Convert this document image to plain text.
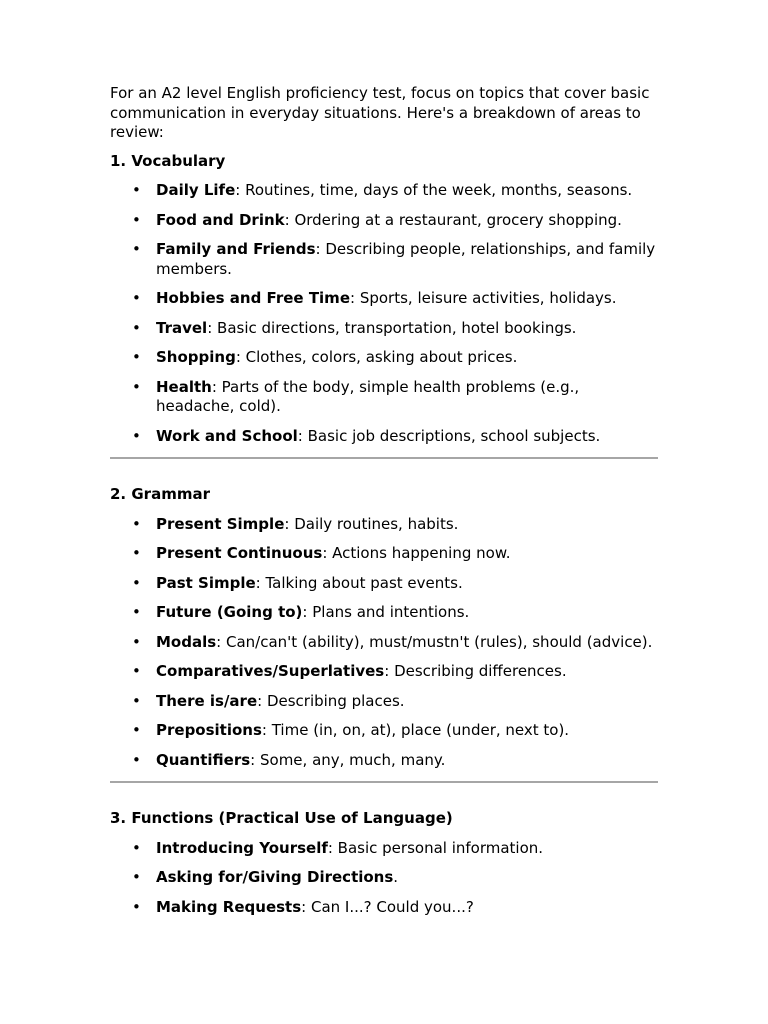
For an A2 level English proficiency test, focus on topics that cover basic communication in everyday situations. Here's a breakdown of areas to review:

1. Vocabulary
• Daily Life: Routines, time, days of the week, months, seasons.
• Food and Drink: Ordering at a restaurant, grocery shopping.
• Family and Friends: Describing people, relationships, and family members.
• Hobbies and Free Time: Sports, leisure activities, holidays.
• Travel: Basic directions, transportation, hotel bookings.
• Shopping: Clothes, colors, asking about prices.
• Health: Parts of the body, simple health problems (e.g., headache, cold).
• Work and School: Basic job descriptions, school subjects.
2. Grammar
• Present Simple: Daily routines, habits.
• Present Continuous: Actions happening now.
• Past Simple: Talking about past events.
• Future (Going to): Plans and intentions.
• Modals: Can/can't (ability), must/mustn't (rules), should (advice).
• Comparatives/Superlatives: Describing differences.
• There is/are: Describing places.
• Prepositions: Time (in, on, at), place (under, next to).
• Quantifiers: Some, any, much, many.
3. Functions (Practical Use of Language)
• Introducing Yourself: Basic personal information.
• Asking for/Giving Directions.
• Making Requests: Can I...? Could you...?
